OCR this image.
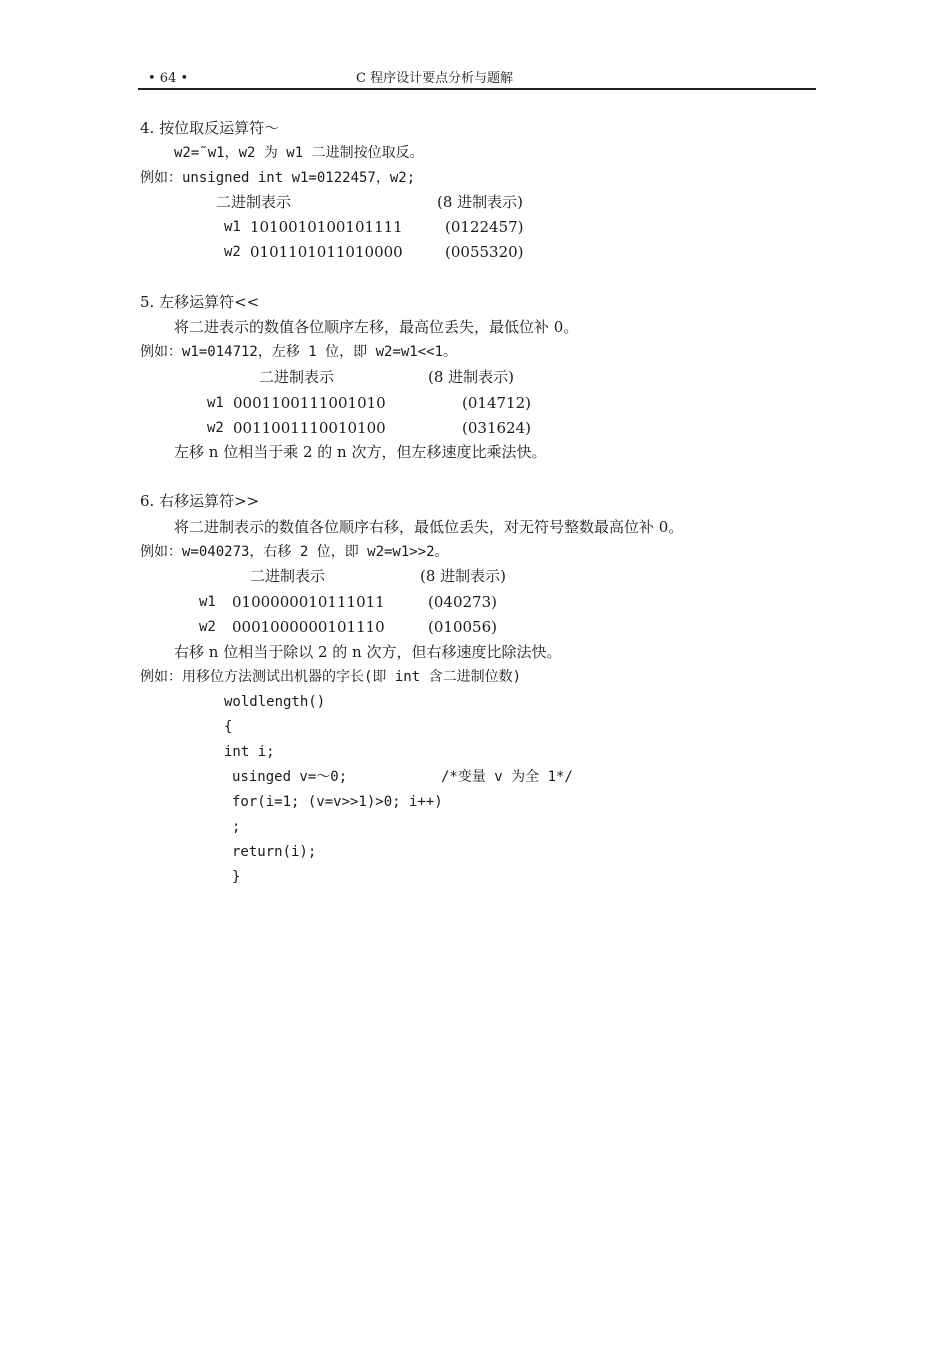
• 64 •	C 程序设计要点分析与题解
4. 按位取反运算符～
w2=˜w1，w2 为 w1 二进制按位取反。
例如：unsigned int w1=0122457，w2;
二进制表示	(8 进制表示)
w1 1010010100101111	(0122457)
w2 0101101011010000	(0055320)
5. 左移运算符<<
将二进表示的数值各位顺序左移，最高位丢失，最低位补 0。
例如：w1=014712，左移 1 位，即 w2=w1<<1。
二进制表示	(8 进制表示)
w1 0001100111001010	(014712)
w2 0011001110010100	(031624)
左移 n 位相当于乘 2 的 n 次方，但左移速度比乘法快。
6. 右移运算符>>
将二进制表示的数值各位顺序右移，最低位丢失，对无符号整数最高位补 0。
例如：w=040273，右移 2 位，即 w2=w1>>2。
二进制表示	(8 进制表示)
w1 0100000010111011	(040273)
w2 0001000000101110	(010056)
右移 n 位相当于除以 2 的 n 次方，但右移速度比除法快。
例如：用移位方法测试出机器的字长(即 int 含二进制位数)
woldlength()
{
int i;
usinged v=～0;	/*变量 v 为全 1*/
for(i=1; (v=v>>1)>0; i++)
;
return(i);
}
